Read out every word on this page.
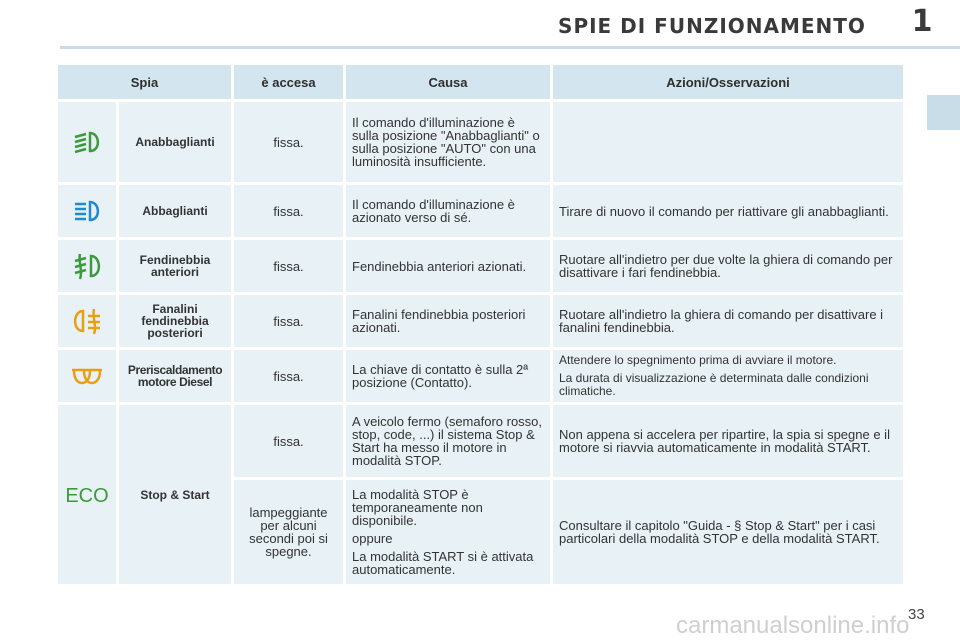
SPIE DI FUNZIONAMENTO 1
Spia		è accesa	Causa	Azioni/Osservazioni

	Anabbaglianti	fissa.	Il comando d'illuminazione è sulla posizione "Anabbaglianti" o sulla posizione "AUTO" con una luminosità insufficiente.	

	Abbaglianti	fissa.	Il comando d'illuminazione è azionato verso di sé.	Tirare di nuovo il comando per riattivare gli anabbaglianti.

	Fendinebbia anteriori	fissa.	Fendinebbia anteriori azionati.	Ruotare all'indietro per due volte la ghiera di comando per disattivare i fari fendinebbia.

	Fanalini fendinebbia posteriori	fissa.	Fanalini fendinebbia posteriori azionati.	Ruotare all'indietro la ghiera di comando per disattivare i fanalini fendinebbia.

	Preriscaldamento motore Diesel	fissa.	La chiave di contatto è sulla 2ª posizione (Contatto).	Attendere lo spegnimento prima di avviare il motore.

La durata di visualizzazione è determinata dalle condizioni climatiche.

ECO	Stop & Start	fissa.	A veicolo fermo (semaforo rosso, stop, code, ...) il sistema Stop & Start ha messo il motore in modalità STOP.	Non appena si accelera per ripartire, la spia si spegne e il motore si riavvia automaticamente in modalità START.
		lampeggiante per alcuni secondi poi si spegne.	La modalità STOP è temporaneamente non disponibile.

oppure

La modalità START si è attivata automaticamente.	Consultare il capitolo "Guida - § Stop & Start" per i casi particolari della modalità STOP e della modalità START.
carmanualsonline.info
33
